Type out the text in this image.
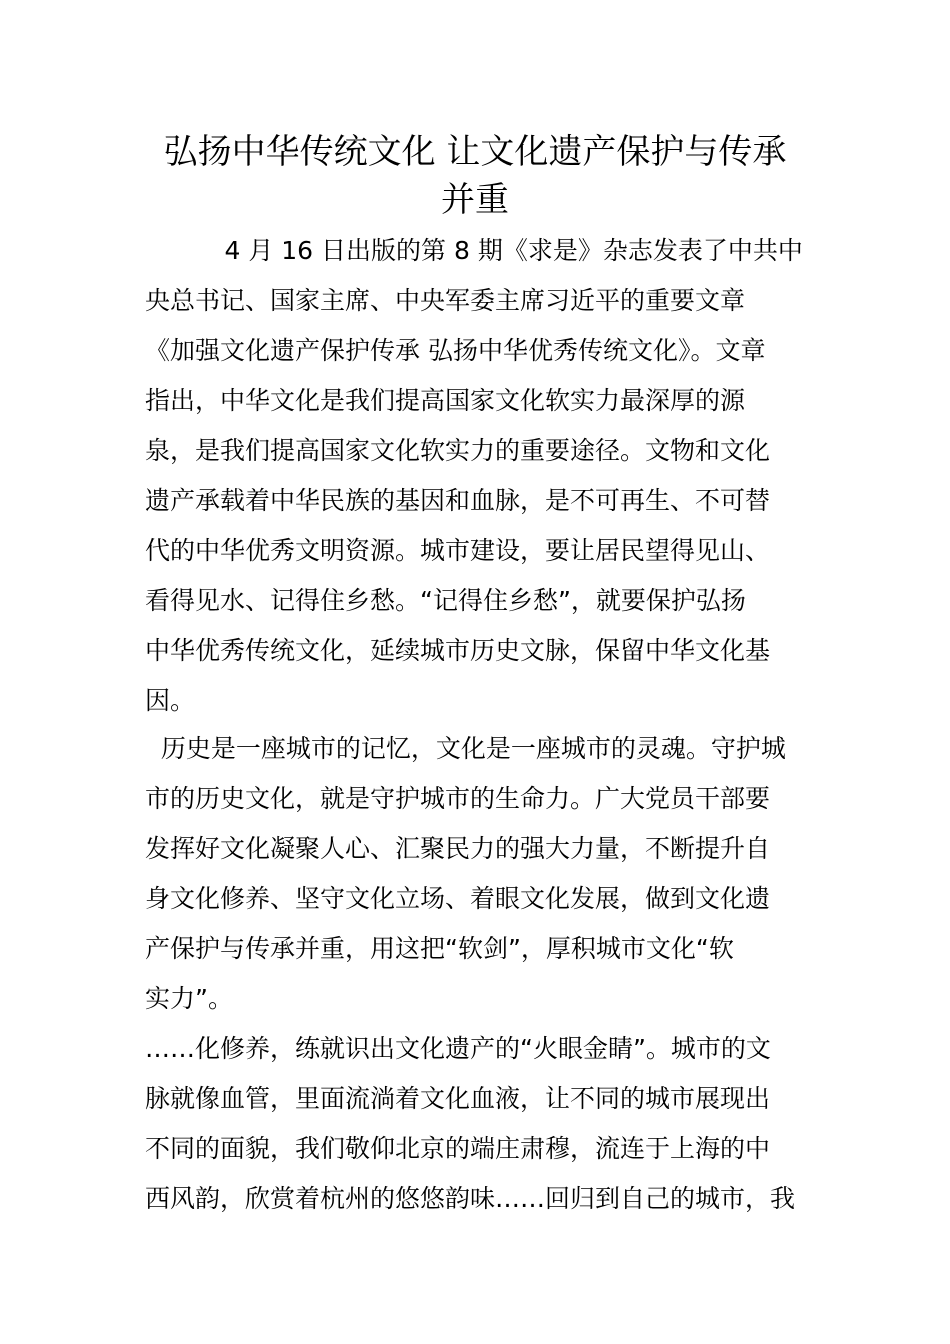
弘扬中华传统文化 让文化遗产保护与传承
并重

4 月 16 日出版的第 8 期《求是》杂志发表了中共中

央总书记、国家主席、中央军委主席习近平的重要文章

《加强文化遗产保护传承 弘扬中华优秀传统文化》。文章

指出，中华文化是我们提高国家文化软实力最深厚的源

泉，是我们提高国家文化软实力的重要途径。文物和文化

遗产承载着中华民族的基因和血脉，是不可再生、不可替

代的中华优秀文明资源。城市建设，要让居民望得见山、

看得见水、记得住乡愁。“记得住乡愁”，就要保护弘扬

中华优秀传统文化，延续城市历史文脉，保留中华文化基

因。

历史是一座城市的记忆，文化是一座城市的灵魂。守护城

市的历史文化，就是守护城市的生命力。广大党员干部要

发挥好文化凝聚人心、汇聚民力的强大力量，不断提升自

身文化修养、坚守文化立场、着眼文化发展，做到文化遗

产保护与传承并重，用这把“软剑”，厚积城市文化“软

实力”。

……化修养，练就识出文化遗产的“火眼金睛”。城市的文

脉就像血管，里面流淌着文化血液，让不同的城市展现出

不同的面貌，我们敬仰北京的端庄肃穆，流连于上海的中

西风韵，欣赏着杭州的悠悠韵味……回归到自己的城市，我
